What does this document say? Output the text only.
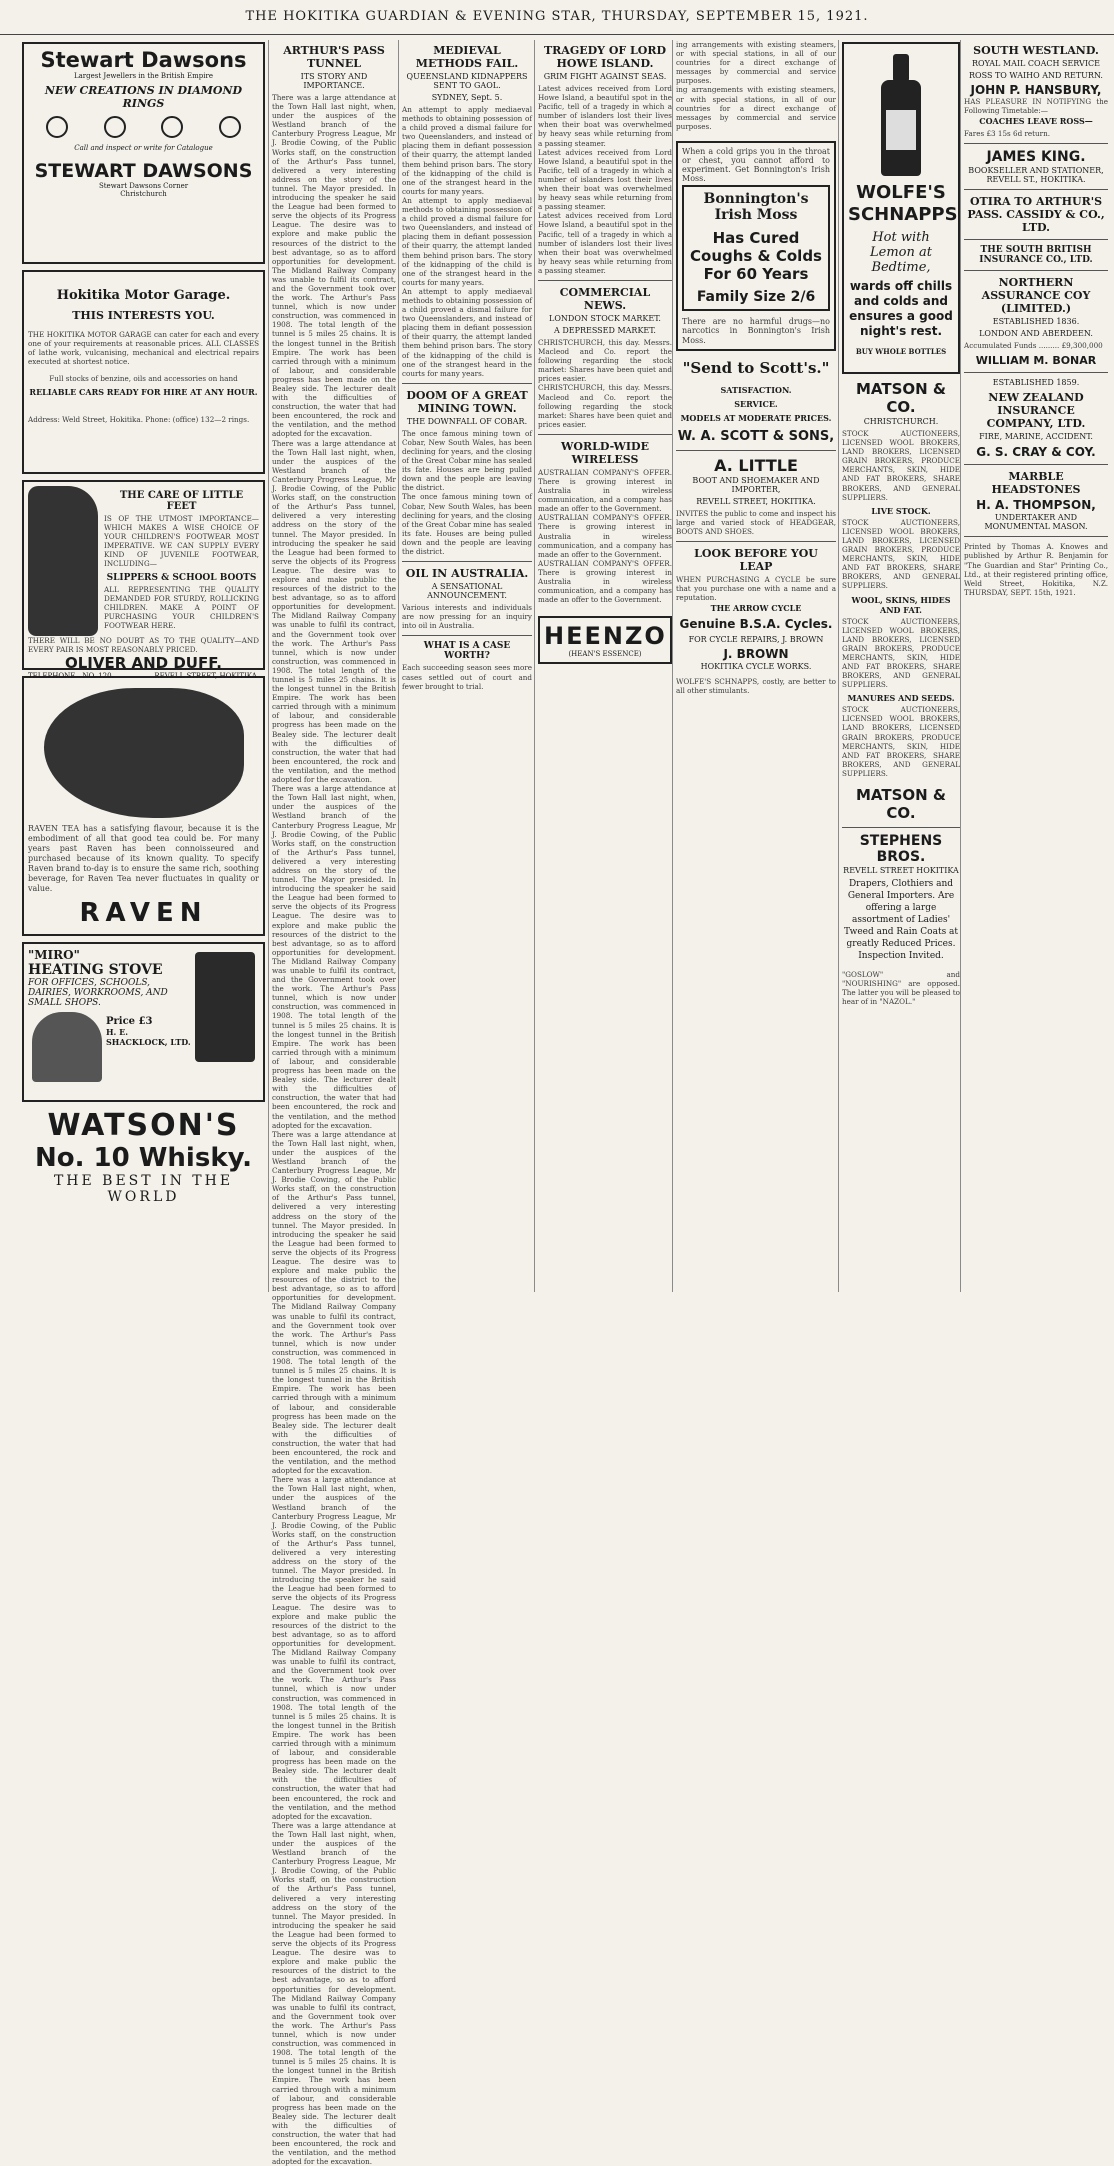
THE HOKITIKA GUARDIAN & EVENING STAR, THURSDAY, SEPTEMBER 15, 1921.
Stewart Dawsons
Largest Jewellers in the British Empire
NEW CREATIONS IN DIAMOND RINGS
Call and inspect or write for Catalogue
STEWART DAWSONS
Stewart Dawsons Corner
Christchurch
Hokitika Motor Garage.
THIS INTERESTS YOU.
THE HOKITIKA MOTOR GARAGE can cater for each and every one of your requirements at reasonable prices. ALL CLASSES of lathe work, vulcanising, mechanical and electrical repairs executed at shortest notice.
Full stocks of benzine, oils and accessories on hand
RELIABLE CARS READY FOR HIRE AT ANY HOUR.
Address: Weld Street, Hokitika. Phone: (office) 132—2 rings.
THE CARE OF LITTLE FEET
IS OF THE UTMOST IMPORTANCE—WHICH MAKES A WISE CHOICE OF YOUR CHILDREN'S FOOTWEAR MOST IMPERATIVE. WE CAN SUPPLY EVERY KIND OF JUVENILE FOOTWEAR, INCLUDING—
SLIPPERS & SCHOOL BOOTS
ALL REPRESENTING THE QUALITY DEMANDED FOR STURDY, ROLLICKING CHILDREN. MAKE A POINT OF PURCHASING YOUR CHILDREN'S FOOTWEAR HERE.
THERE WILL BE NO DOUBT AS TO THE QUALITY—AND EVERY PAIR IS MOST REASONABLY PRICED.
OLIVER AND DUFF.
TELEPHONE—NO. 120.	REVELL STREET, HOKITIKA.
RAVEN TEA has a satisfying flavour, because it is the embodiment of all that good tea could be. For many years past Raven has been connoisseured and purchased because of its known quality. To specify Raven brand to-day is to ensure the same rich, soothing beverage, for Raven Tea never fluctuates in quality or value.
RAVEN
"MIRO"
HEATING STOVE
FOR OFFICES, SCHOOLS, DAIRIES, WORKROOMS, AND SMALL SHOPS.
Price £3
H. E. SHACKLOCK, LTD.
WATSON'S
No. 10 Whisky.
THE BEST IN THE WORLD
ARTHUR'S PASS TUNNEL
ITS STORY AND IMPORTANCE.
There was a large attendance at the Town Hall last night, when, under the auspices of the Westland branch of the Canterbury Progress League, Mr J. Brodie Cowing, of the Public Works staff, on the construction of the Arthur's Pass tunnel, delivered a very interesting address on the story of the tunnel. The Mayor presided. In introducing the speaker he said the League had been formed to serve the objects of its Progress League. The desire was to explore and make public the resources of the district to the best advantage, so as to afford opportunities for development. The Midland Railway Company was unable to fulfil its contract, and the Government took over the work. The Arthur's Pass tunnel, which is now under construction, was commenced in 1908. The total length of the tunnel is 5 miles 25 chains. It is the longest tunnel in the British Empire. The work has been carried through with a minimum of labour, and considerable progress has been made on the Bealey side. The lecturer dealt with the difficulties of construction, the water that had been encountered, the rock and the ventilation, and the method adopted for the excavation.
There was a large attendance at the Town Hall last night, when, under the auspices of the Westland branch of the Canterbury Progress League, Mr J. Brodie Cowing, of the Public Works staff, on the construction of the Arthur's Pass tunnel, delivered a very interesting address on the story of the tunnel. The Mayor presided. In introducing the speaker he said the League had been formed to serve the objects of its Progress League. The desire was to explore and make public the resources of the district to the best advantage, so as to afford opportunities for development. The Midland Railway Company was unable to fulfil its contract, and the Government took over the work. The Arthur's Pass tunnel, which is now under construction, was commenced in 1908. The total length of the tunnel is 5 miles 25 chains. It is the longest tunnel in the British Empire. The work has been carried through with a minimum of labour, and considerable progress has been made on the Bealey side. The lecturer dealt with the difficulties of construction, the water that had been encountered, the rock and the ventilation, and the method adopted for the excavation.
There was a large attendance at the Town Hall last night, when, under the auspices of the Westland branch of the Canterbury Progress League, Mr J. Brodie Cowing, of the Public Works staff, on the construction of the Arthur's Pass tunnel, delivered a very interesting address on the story of the tunnel. The Mayor presided. In introducing the speaker he said the League had been formed to serve the objects of its Progress League. The desire was to explore and make public the resources of the district to the best advantage, so as to afford opportunities for development. The Midland Railway Company was unable to fulfil its contract, and the Government took over the work. The Arthur's Pass tunnel, which is now under construction, was commenced in 1908. The total length of the tunnel is 5 miles 25 chains. It is the longest tunnel in the British Empire. The work has been carried through with a minimum of labour, and considerable progress has been made on the Bealey side. The lecturer dealt with the difficulties of construction, the water that had been encountered, the rock and the ventilation, and the method adopted for the excavation.
There was a large attendance at the Town Hall last night, when, under the auspices of the Westland branch of the Canterbury Progress League, Mr J. Brodie Cowing, of the Public Works staff, on the construction of the Arthur's Pass tunnel, delivered a very interesting address on the story of the tunnel. The Mayor presided. In introducing the speaker he said the League had been formed to serve the objects of its Progress League. The desire was to explore and make public the resources of the district to the best advantage, so as to afford opportunities for development. The Midland Railway Company was unable to fulfil its contract, and the Government took over the work. The Arthur's Pass tunnel, which is now under construction, was commenced in 1908. The total length of the tunnel is 5 miles 25 chains. It is the longest tunnel in the British Empire. The work has been carried through with a minimum of labour, and considerable progress has been made on the Bealey side. The lecturer dealt with the difficulties of construction, the water that had been encountered, the rock and the ventilation, and the method adopted for the excavation.
There was a large attendance at the Town Hall last night, when, under the auspices of the Westland branch of the Canterbury Progress League, Mr J. Brodie Cowing, of the Public Works staff, on the construction of the Arthur's Pass tunnel, delivered a very interesting address on the story of the tunnel. The Mayor presided. In introducing the speaker he said the League had been formed to serve the objects of its Progress League. The desire was to explore and make public the resources of the district to the best advantage, so as to afford opportunities for development. The Midland Railway Company was unable to fulfil its contract, and the Government took over the work. The Arthur's Pass tunnel, which is now under construction, was commenced in 1908. The total length of the tunnel is 5 miles 25 chains. It is the longest tunnel in the British Empire. The work has been carried through with a minimum of labour, and considerable progress has been made on the Bealey side. The lecturer dealt with the difficulties of construction, the water that had been encountered, the rock and the ventilation, and the method adopted for the excavation.
There was a large attendance at the Town Hall last night, when, under the auspices of the Westland branch of the Canterbury Progress League, Mr J. Brodie Cowing, of the Public Works staff, on the construction of the Arthur's Pass tunnel, delivered a very interesting address on the story of the tunnel. The Mayor presided. In introducing the speaker he said the League had been formed to serve the objects of its Progress League. The desire was to explore and make public the resources of the district to the best advantage, so as to afford opportunities for development. The Midland Railway Company was unable to fulfil its contract, and the Government took over the work. The Arthur's Pass tunnel, which is now under construction, was commenced in 1908. The total length of the tunnel is 5 miles 25 chains. It is the longest tunnel in the British Empire. The work has been carried through with a minimum of labour, and considerable progress has been made on the Bealey side. The lecturer dealt with the difficulties of construction, the water that had been encountered, the rock and the ventilation, and the method adopted for the excavation.
MEDIEVAL METHODS FAIL.
QUEENSLAND KIDNAPPERS SENT TO GAOL.
SYDNEY, Sept. 5.
An attempt to apply mediaeval methods to obtaining possession of a child proved a dismal failure for two Queenslanders, and instead of placing them in defiant possession of their quarry, the attempt landed them behind prison bars. The story of the kidnapping of the child is one of the strangest heard in the courts for many years.
An attempt to apply mediaeval methods to obtaining possession of a child proved a dismal failure for two Queenslanders, and instead of placing them in defiant possession of their quarry, the attempt landed them behind prison bars. The story of the kidnapping of the child is one of the strangest heard in the courts for many years.
An attempt to apply mediaeval methods to obtaining possession of a child proved a dismal failure for two Queenslanders, and instead of placing them in defiant possession of their quarry, the attempt landed them behind prison bars. The story of the kidnapping of the child is one of the strangest heard in the courts for many years.
DOOM OF A GREAT MINING TOWN.
THE DOWNFALL OF COBAR.
The once famous mining town of Cobar, New South Wales, has been declining for years, and the closing of the Great Cobar mine has sealed its fate. Houses are being pulled down and the people are leaving the district.
The once famous mining town of Cobar, New South Wales, has been declining for years, and the closing of the Great Cobar mine has sealed its fate. Houses are being pulled down and the people are leaving the district.
OIL IN AUSTRALIA.
A SENSATIONAL ANNOUNCEMENT.
Various interests and individuals are now pressing for an inquiry into oil in Australia.
WHAT IS A CASE WORTH?
Each succeeding season sees more cases settled out of court and fewer brought to trial.
TRAGEDY OF LORD HOWE ISLAND.
GRIM FIGHT AGAINST SEAS.
Latest advices received from Lord Howe Island, a beautiful spot in the Pacific, tell of a tragedy in which a number of islanders lost their lives when their boat was overwhelmed by heavy seas while returning from a passing steamer.
Latest advices received from Lord Howe Island, a beautiful spot in the Pacific, tell of a tragedy in which a number of islanders lost their lives when their boat was overwhelmed by heavy seas while returning from a passing steamer.
Latest advices received from Lord Howe Island, a beautiful spot in the Pacific, tell of a tragedy in which a number of islanders lost their lives when their boat was overwhelmed by heavy seas while returning from a passing steamer.
COMMERCIAL NEWS.
LONDON STOCK MARKET.
A DEPRESSED MARKET.
CHRISTCHURCH, this day. Messrs. Macleod and Co. report the following regarding the stock market: Shares have been quiet and prices easier.
CHRISTCHURCH, this day. Messrs. Macleod and Co. report the following regarding the stock market: Shares have been quiet and prices easier.
WORLD-WIDE WIRELESS
AUSTRALIAN COMPANY'S OFFER. There is growing interest in Australia in wireless communication, and a company has made an offer to the Government.
AUSTRALIAN COMPANY'S OFFER. There is growing interest in Australia in wireless communication, and a company has made an offer to the Government.
AUSTRALIAN COMPANY'S OFFER. There is growing interest in Australia in wireless communication, and a company has made an offer to the Government.
HEENZO
(HEAN'S ESSENCE)
ing arrangements with existing steamers, or with special stations, in all of our countries for a direct exchange of messages by commercial and service purposes.
ing arrangements with existing steamers, or with special stations, in all of our countries for a direct exchange of messages by commercial and service purposes.
When a cold grips you in the throat or chest, you cannot afford to experiment. Get Bonnington's Irish Moss.
Bonnington's Irish Moss
Has Cured Coughs & Colds For 60 Years
Family Size 2/6
There are no harmful drugs—no narcotics in Bonnington's Irish Moss.
"Send to Scott's."
SATISFACTION.
SERVICE.
MODELS AT MODERATE PRICES.
W. A. SCOTT & SONS,
A. LITTLE
BOOT AND SHOEMAKER AND IMPORTER,
REVELL STREET, HOKITIKA.
INVITES the public to come and inspect his large and varied stock of HEADGEAR, BOOTS AND SHOES.
LOOK BEFORE YOU LEAP
WHEN PURCHASING A CYCLE be sure that you purchase one with a name and a reputation.
THE ARROW CYCLE
Genuine B.S.A. Cycles.
FOR CYCLE REPAIRS, J. BROWN
J. BROWN
HOKITIKA CYCLE WORKS.
WOLFE'S SCHNAPPS, costly, are better to all other stimulants.
WOLFE'S SCHNAPPS
Hot with Lemon at Bedtime,
wards off chills and colds and ensures a good night's rest.
BUY WHOLE BOTTLES
MATSON & CO.
CHRISTCHURCH.
STOCK AUCTIONEERS, LICENSED WOOL BROKERS, LAND BROKERS, LICENSED GRAIN BROKERS, PRODUCE MERCHANTS, SKIN, HIDE AND FAT BROKERS, SHARE BROKERS, AND GENERAL SUPPLIERS.
LIVE STOCK.
STOCK AUCTIONEERS, LICENSED WOOL BROKERS, LAND BROKERS, LICENSED GRAIN BROKERS, PRODUCE MERCHANTS, SKIN, HIDE AND FAT BROKERS, SHARE BROKERS, AND GENERAL SUPPLIERS.
WOOL, SKINS, HIDES AND FAT.
STOCK AUCTIONEERS, LICENSED WOOL BROKERS, LAND BROKERS, LICENSED GRAIN BROKERS, PRODUCE MERCHANTS, SKIN, HIDE AND FAT BROKERS, SHARE BROKERS, AND GENERAL SUPPLIERS.
MANURES AND SEEDS.
STOCK AUCTIONEERS, LICENSED WOOL BROKERS, LAND BROKERS, LICENSED GRAIN BROKERS, PRODUCE MERCHANTS, SKIN, HIDE AND FAT BROKERS, SHARE BROKERS, AND GENERAL SUPPLIERS.
MATSON & CO.
STEPHENS BROS.
REVELL STREET HOKITIKA
Drapers, Clothiers and General Importers. Are offering a large assortment of Ladies' Tweed and Rain Coats at greatly Reduced Prices. Inspection Invited.
"GOSLOW" and "NOURISHING" are opposed. The latter you will be pleased to hear of in "NAZOL."
SOUTH WESTLAND.
ROYAL MAIL COACH SERVICE
ROSS TO WAIHO AND RETURN.
JOHN P. HANSBURY,
HAS PLEASURE IN NOTIFYING the Following Timetable:—
COACHES LEAVE ROSS—
Fares £3 15s 6d return.
JAMES KING.
BOOKSELLER AND STATIONER, REVELL ST., HOKITIKA.
OTIRA TO ARTHUR'S PASS. CASSIDY & CO., LTD.
THE SOUTH BRITISH INSURANCE CO., LTD.
NORTHERN ASSURANCE COY (LIMITED.)
ESTABLISHED 1836.
LONDON AND ABERDEEN.
Accumulated Funds ......... £9,300,000
WILLIAM M. BONAR
ESTABLISHED 1859.
NEW ZEALAND INSURANCE COMPANY, LTD.
FIRE, MARINE, ACCIDENT.
G. S. CRAY & COY.
MARBLE HEADSTONES
H. A. THOMPSON,
UNDERTAKER AND MONUMENTAL MASON.
Printed by Thomas A. Knowes and published by Arthur R. Benjamin for "The Guardian and Star" Printing Co., Ltd., at their registered printing office, Weld Street, Hokitika, N.Z. THURSDAY, SEPT. 15th, 1921.
